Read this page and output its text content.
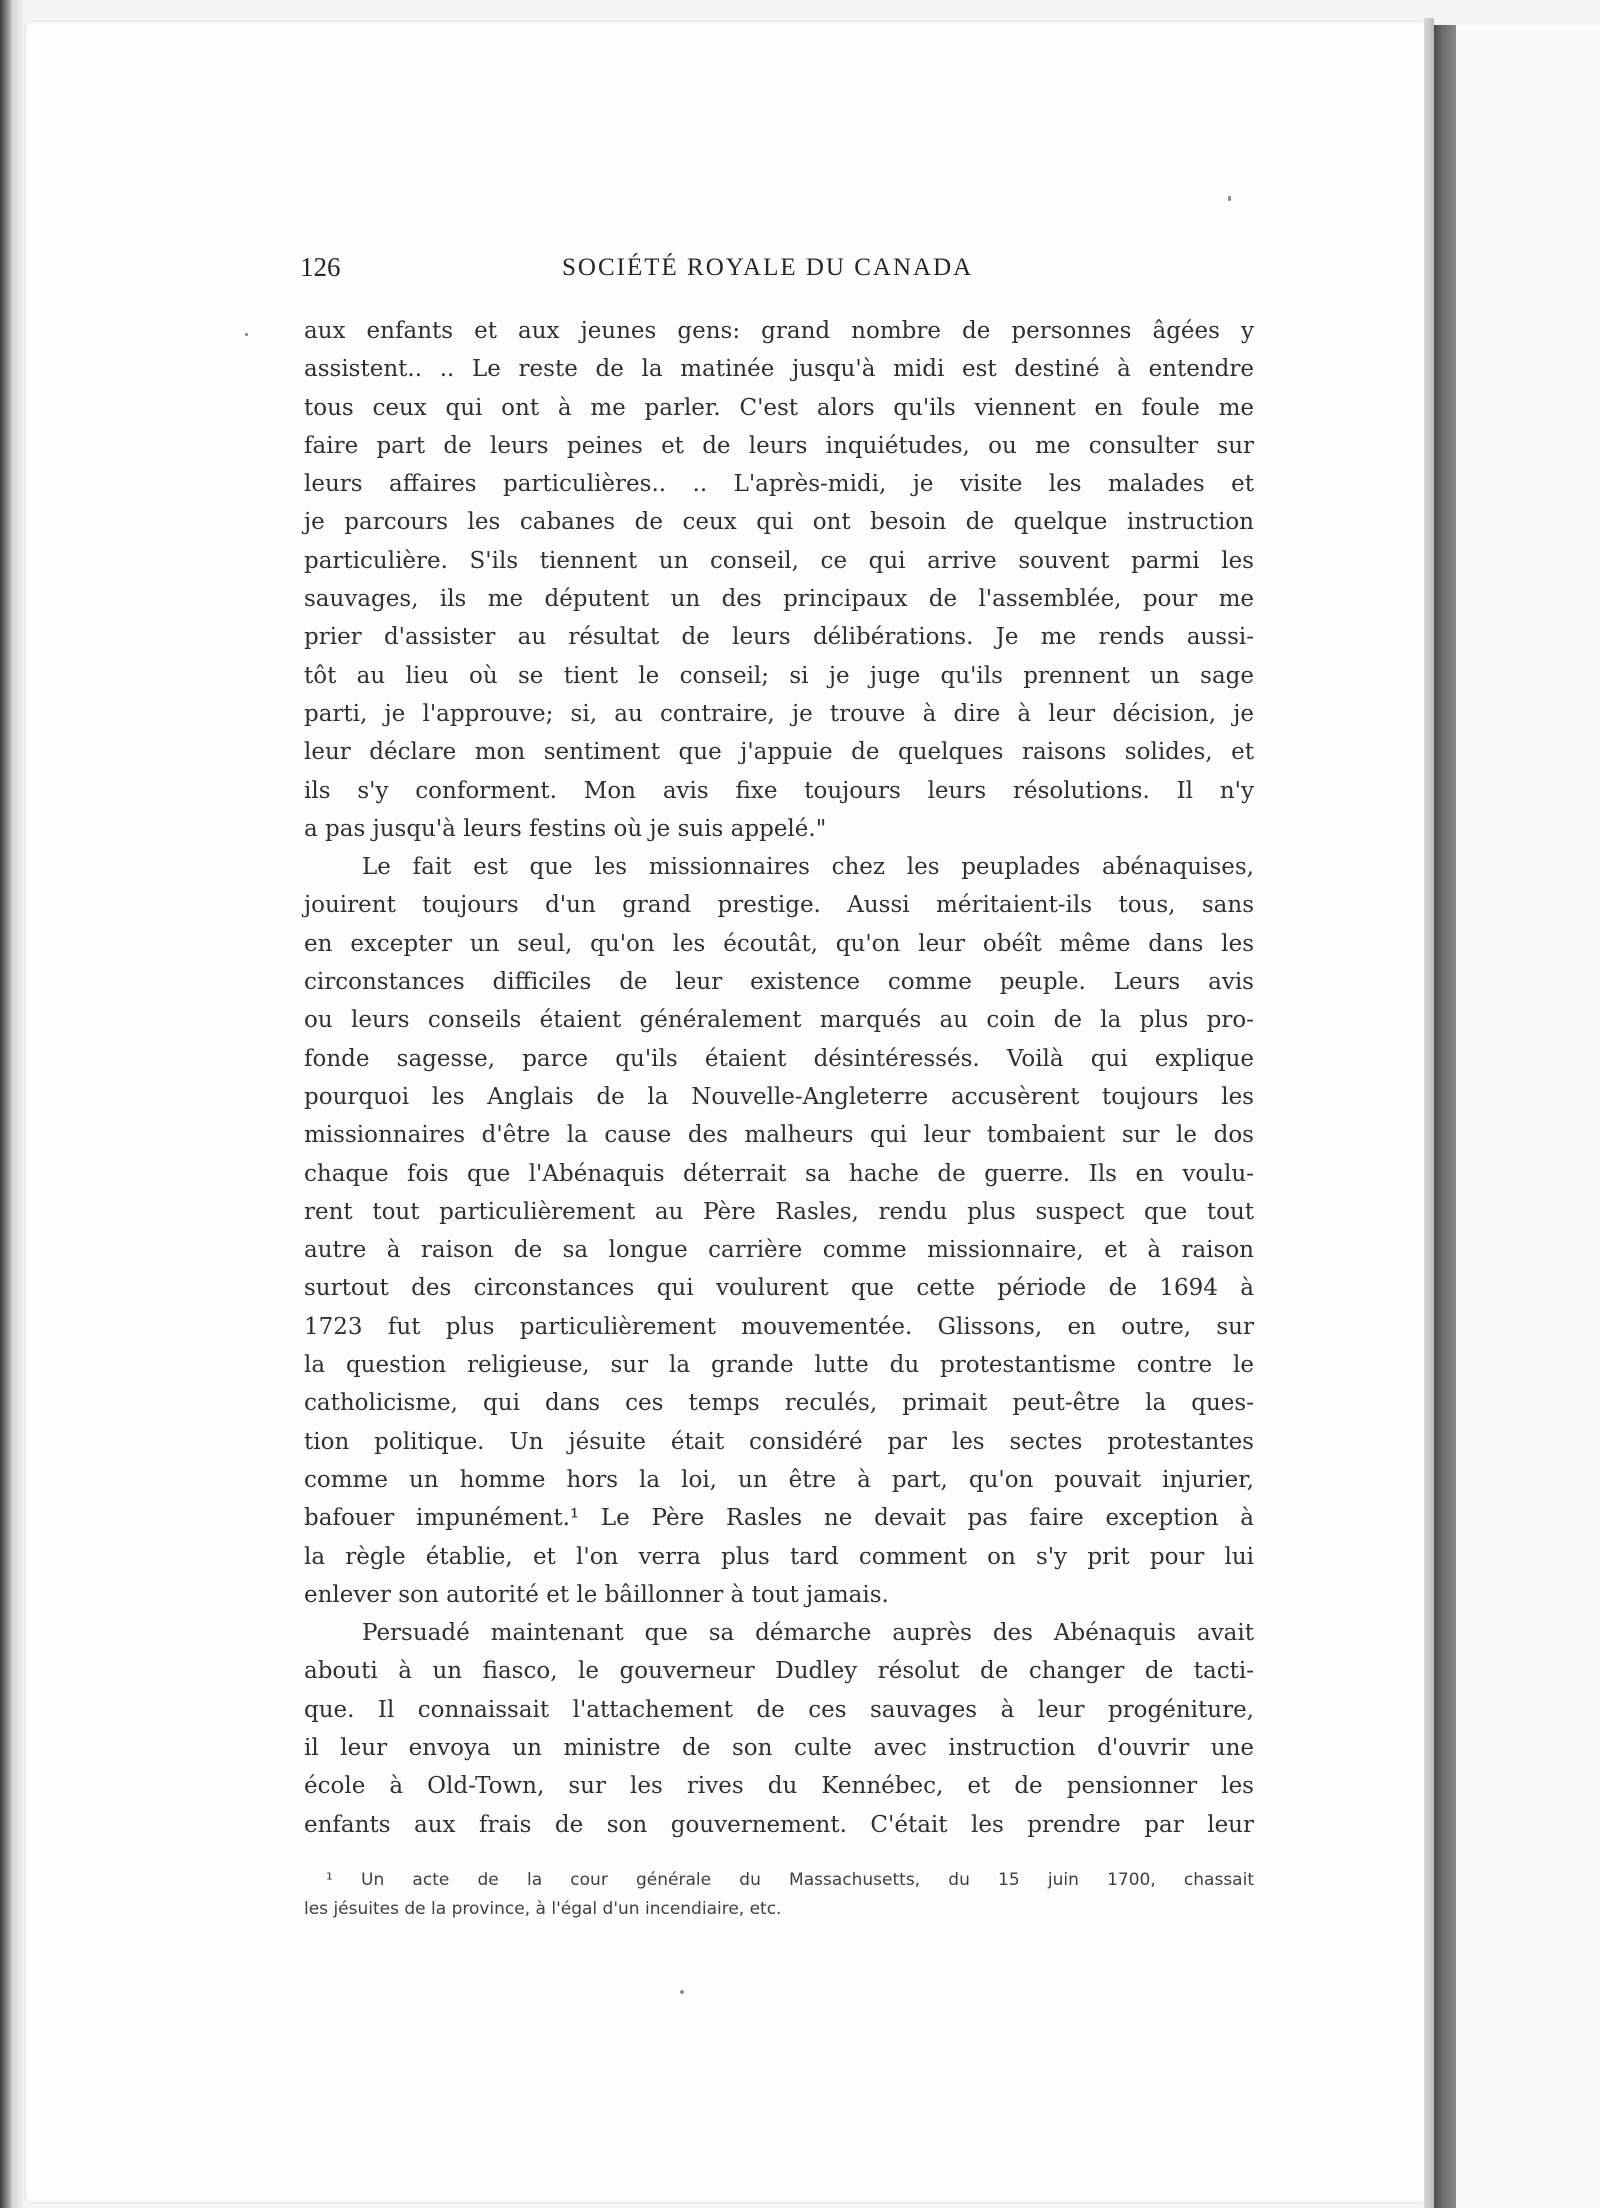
126	SOCIÉTÉ ROYALE DU CANADA
aux enfants et aux jeunes gens: grand nombre de personnes âgées y
assistent.. .. Le reste de la matinée jusqu'à midi est destiné à entendre
tous ceux qui ont à me parler. C'est alors qu'ils viennent en foule me
faire part de leurs peines et de leurs inquiétudes, ou me consulter sur
leurs affaires particulières.. .. L'après-midi, je visite les malades et
je parcours les cabanes de ceux qui ont besoin de quelque instruction
particulière. S'ils tiennent un conseil, ce qui arrive souvent parmi les
sauvages, ils me députent un des principaux de l'assemblée, pour me
prier d'assister au résultat de leurs délibérations. Je me rends aussi-
tôt au lieu où se tient le conseil; si je juge qu'ils prennent un sage
parti, je l'approuve; si, au contraire, je trouve à dire à leur décision, je
leur déclare mon sentiment que j'appuie de quelques raisons solides, et
ils s'y conforment. Mon avis fixe toujours leurs résolutions. Il n'y
a pas jusqu'à leurs festins où je suis appelé."
Le fait est que les missionnaires chez les peuplades abénaquises,
jouirent toujours d'un grand prestige. Aussi méritaient-ils tous, sans
en excepter un seul, qu'on les écoutât, qu'on leur obéît même dans les
circonstances difficiles de leur existence comme peuple. Leurs avis
ou leurs conseils étaient généralement marqués au coin de la plus pro-
fonde sagesse, parce qu'ils étaient désintéressés. Voilà qui explique
pourquoi les Anglais de la Nouvelle-Angleterre accusèrent toujours les
missionnaires d'être la cause des malheurs qui leur tombaient sur le dos
chaque fois que l'Abénaquis déterrait sa hache de guerre. Ils en voulu-
rent tout particulièrement au Père Rasles, rendu plus suspect que tout
autre à raison de sa longue carrière comme missionnaire, et à raison
surtout des circonstances qui voulurent que cette période de 1694 à
1723 fut plus particulièrement mouvementée. Glissons, en outre, sur
la question religieuse, sur la grande lutte du protestantisme contre le
catholicisme, qui dans ces temps reculés, primait peut-être la ques-
tion politique. Un jésuite était considéré par les sectes protestantes
comme un homme hors la loi, un être à part, qu'on pouvait injurier,
bafouer impunément.¹ Le Père Rasles ne devait pas faire exception à
la règle établie, et l'on verra plus tard comment on s'y prit pour lui
enlever son autorité et le bâillonner à tout jamais.
Persuadé maintenant que sa démarche auprès des Abénaquis avait
abouti à un fiasco, le gouverneur Dudley résolut de changer de tacti-
que. Il connaissait l'attachement de ces sauvages à leur progéniture,
il leur envoya un ministre de son culte avec instruction d'ouvrir une
école à Old-Town, sur les rives du Kennébec, et de pensionner les
enfants aux frais de son gouvernement. C'était les prendre par leur
¹ Un acte de la cour générale du Massachusetts, du 15 juin 1700, chassait
les jésuites de la province, à l'égal d'un incendiaire, etc.
